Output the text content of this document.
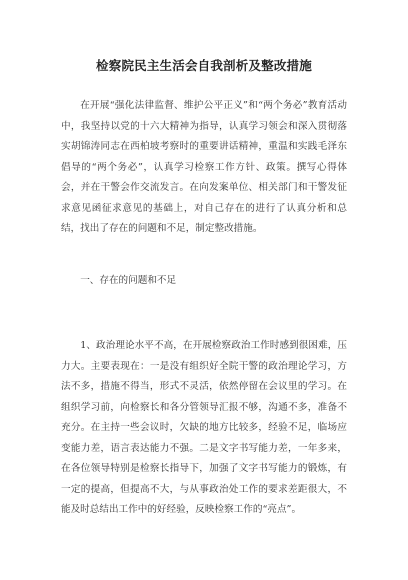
检察院民主生活会自我剖析及整改措施
在开展“强化法律监督、维护公平正义”和“两个务必”教育活动中，我坚持以党的十六大精神为指导，认真学习领会和深入贯彻落实胡锦涛同志在西柏坡考察时的重要讲话精神，重温和实践毛泽东倡导的“两个务必”，认真学习检察工作方针、政策。撰写心得体会，并在干警会作交流发言。在向发案单位、相关部门和干警发征求意见函征求意见的基础上，对自己存在的进行了认真分析和总结，找出了存在的问题和不足，制定整改措施。
一、存在的问题和不足
1、政治理论水平不高，在开展检察政治工作时感到很困难，压力大。主要表现在：一是没有组织好全院干警的政治理论学习，方法不多，措施不得当，形式不灵活，依然停留在会议里的学习。在组织学习前，向检察长和各分管领导汇报不够，沟通不多，准备不充分。在主持一些会议时，欠缺的地方比较多，经验不足，临场应变能力差，语言表达能力不强。二是文字书写能力差，一年多来，在各位领导特别是检察长指导下，加强了文字书写能力的锻炼，有一定的提高，但提高不大，与从事政治处工作的要求差距很大，不能及时总结出工作中的好经验，反映检察工作的“亮点”。
